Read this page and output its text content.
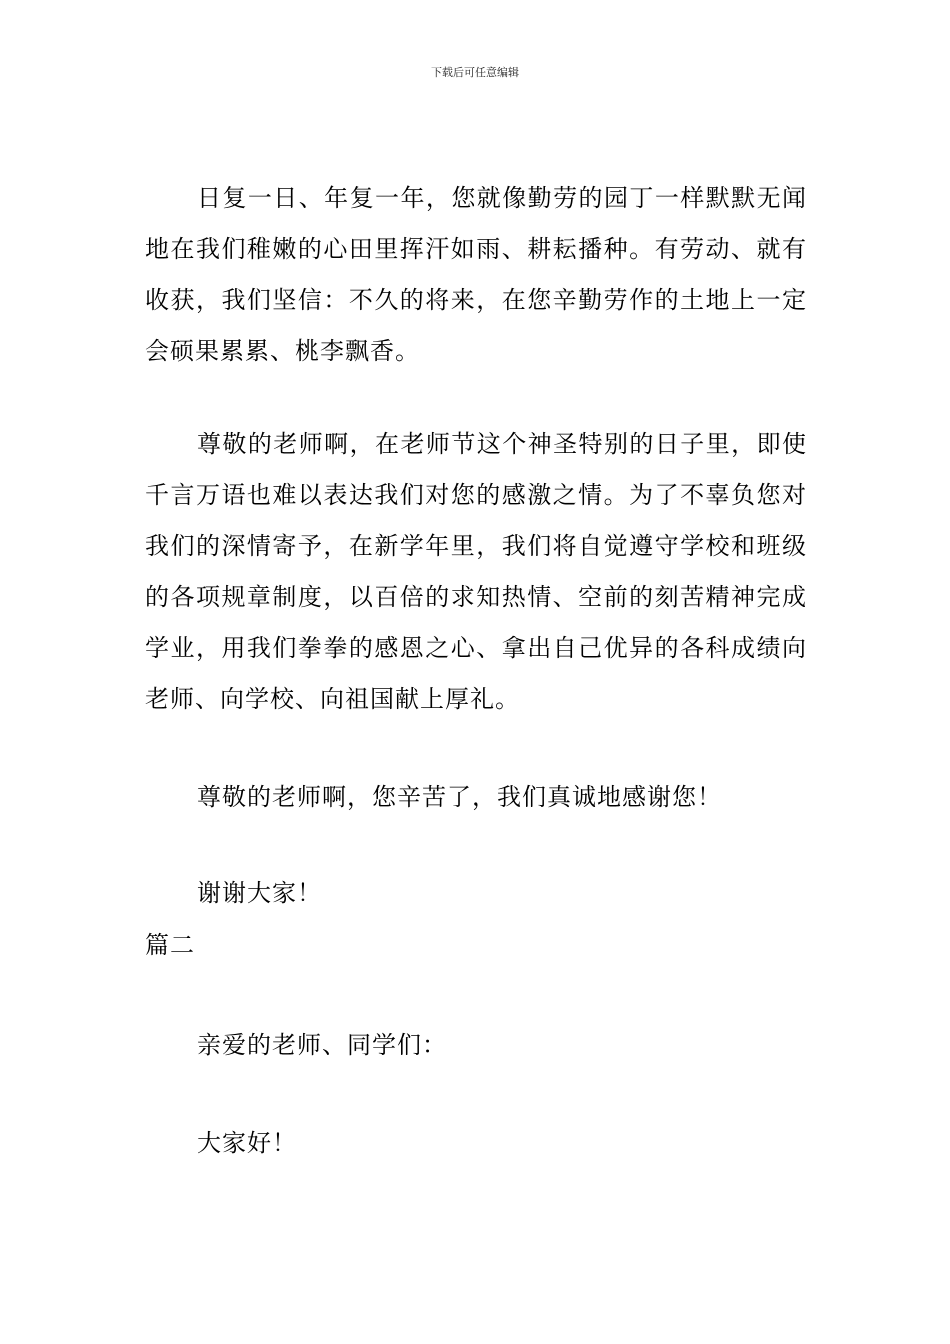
下载后可任意编辑

日复一日、年复一年，您就像勤劳的园丁一样默默无闻地在我们稚嫩的心田里挥汗如雨、耕耘播种。有劳动、就有收获，我们坚信：不久的将来，在您辛勤劳作的土地上一定会硕果累累、桃李飘香。

尊敬的老师啊，在老师节这个神圣特别的日子里，即使千言万语也难以表达我们对您的感激之情。为了不辜负您对我们的深情寄予，在新学年里，我们将自觉遵守学校和班级的各项规章制度，以百倍的求知热情、空前的刻苦精神完成学业，用我们拳拳的感恩之心、拿出自己优异的各科成绩向老师、向学校、向祖国献上厚礼。

尊敬的老师啊，您辛苦了，我们真诚地感谢您！

谢谢大家！

篇二

亲爱的老师、同学们：

大家好！
